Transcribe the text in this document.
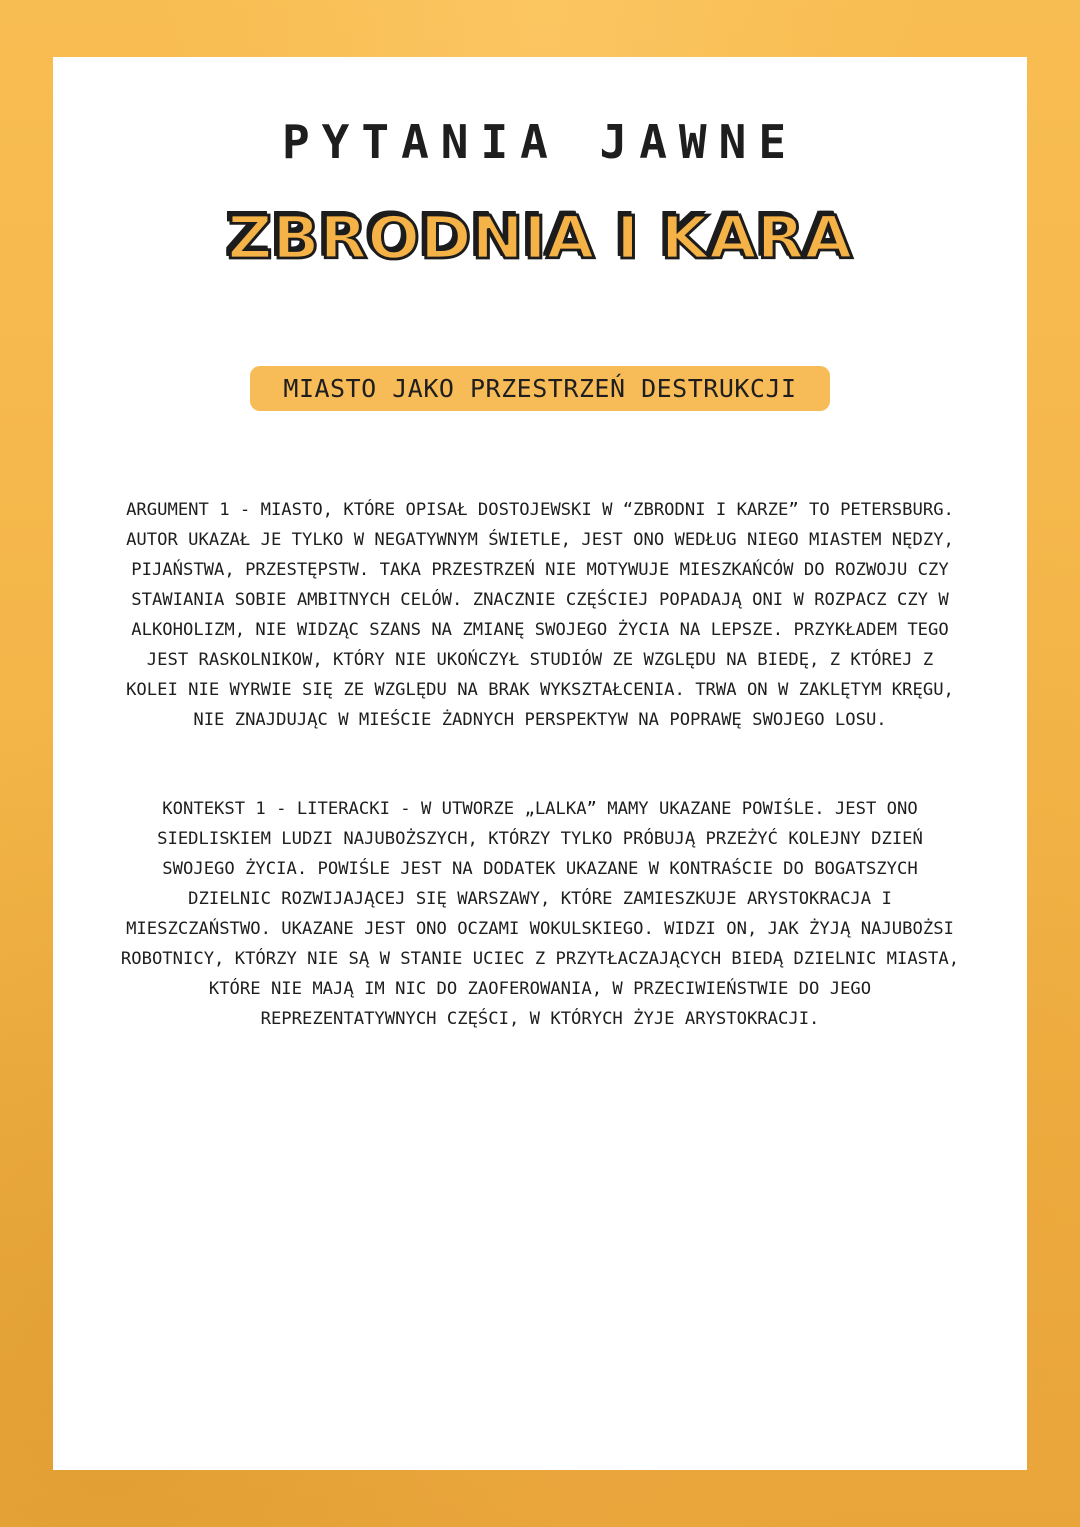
PYTANIA JAWNE
ZBRODNIA I KARA
MIASTO JAKO PRZESTRZEŃ DESTRUKCJI

ARGUMENT 1 - MIASTO, KTÓRE OPISAŁ DOSTOJEWSKI W “ZBRODNI I KARZE” TO PETERSBURG.
AUTOR UKAZAŁ JE TYLKO W NEGATYWNYM ŚWIETLE, JEST ONO WEDŁUG NIEGO MIASTEM NĘDZY,
PIJAŃSTWA, PRZESTĘPSTW. TAKA PRZESTRZEŃ NIE MOTYWUJE MIESZKAŃCÓW DO ROZWOJU CZY
STAWIANIA SOBIE AMBITNYCH CELÓW. ZNACZNIE CZĘŚCIEJ POPADAJĄ ONI W ROZPACZ CZY W
ALKOHOLIZM, NIE WIDZĄC SZANS NA ZMIANĘ SWOJEGO ŻYCIA NA LEPSZE. PRZYKŁADEM TEGO
JEST RASKOLNIKOW, KTÓRY NIE UKOŃCZYŁ STUDIÓW ZE WZGLĘDU NA BIEDĘ, Z KTÓREJ Z
KOLEI NIE WYRWIE SIĘ ZE WZGLĘDU NA BRAK WYKSZTAŁCENIA. TRWA ON W ZAKLĘTYM KRĘGU,
NIE ZNAJDUJĄC W MIEŚCIE ŻADNYCH PERSPEKTYW NA POPRAWĘ SWOJEGO LOSU.

KONTEKST 1 - LITERACKI - W UTWORZE „LALKA” MAMY UKAZANE POWIŚLE. JEST ONO
SIEDLISKIEM LUDZI NAJUBOŻSZYCH, KTÓRZY TYLKO PRÓBUJĄ PRZEŻYĆ KOLEJNY DZIEŃ
SWOJEGO ŻYCIA. POWIŚLE JEST NA DODATEK UKAZANE W KONTRAŚCIE DO BOGATSZYCH
DZIELNIC ROZWIJAJĄCEJ SIĘ WARSZAWY, KTÓRE ZAMIESZKUJE ARYSTOKRACJA I
MIESZCZAŃSTWO. UKAZANE JEST ONO OCZAMI WOKULSKIEGO. WIDZI ON, JAK ŻYJĄ NAJUBOŻSI
ROBOTNICY, KTÓRZY NIE SĄ W STANIE UCIEC Z PRZYTŁACZAJĄCYCH BIEDĄ DZIELNIC MIASTA,
KTÓRE NIE MAJĄ IM NIC DO ZAOFEROWANIA, W PRZECIWIEŃSTWIE DO JEGO
REPREZENTATYWNYCH CZĘŚCI, W KTÓRYCH ŻYJE ARYSTOKRACJI.
